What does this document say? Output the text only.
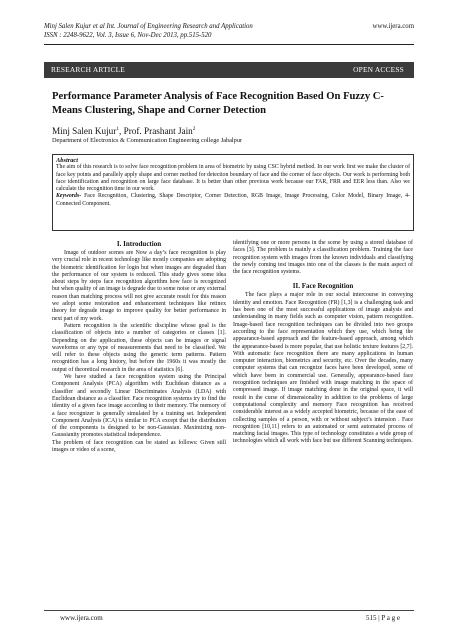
Minj Salen Kujur et al Int. Journal of Engineering Research and Application
ISSN : 2248-9622, Vol. 3, Issue 6, Nov-Dec 2013, pp.515-520
www.ijera.com
RESEARCH ARTICLE	OPEN ACCESS
Performance Parameter Analysis of Face Recognition Based On Fuzzy C-Means Clustering, Shape and Corner Detection
Minj Salen Kujur$^1$, Prof. Prashant Jain$^2$
Department of Electronics & Communication Engineering college Jabalpur
Abstract
The aim of this research is to solve face recognition problem in area of biometric by using CSC hybrid method. In our work first we make the cluster of face key points and parallely apply shape and corner method for detection boundary of face and the corner of face objects. Our work is performing both face identification and recognition on large face database. It is better than other previous work because our FAR, FRR and EER less than. Also we calculate the recognition time in our work.
Keywords- Face Recognition, Clustering, Shape Descriptor, Corner Detection, RGB Image, Image Processing, Color Model, Binary Image, 4-Connected Component.
I. Introduction

Image of outdoor scenes are Now a day’s face recognition is play very crucial role in recent technology like mostly companies are adopting the biometric identification for login but when images are degraded than the performance of our system is reduced. This study gives some idea about steps by steps face recognition algorithm how face is recognized but when quality of an image is degrade due to some noise or any external reason than matching process will not give accurate result for this reason we adopt some restoration and enhancement techniques like retinex theory for degrade image to improve quality for better performance in next part of my work.

Pattern recognition is the scientific discipline whose goal is the classification of objects into a number of categories or classes [1]. Depending on the application, these objects can be images or signal waveforms or any type of measurements that need to be classified. We will refer to these objects using the generic term patterns. Pattern recognition has a long history, but before the 1960s it was mostly the output of theoretical research in the area of statistics [6].

We have studied a face recognition system using the Principal Component Analysis (PCA) algorithm with Euclidean distance as a classifier and secondly Linear Discriminates Analysis (LDA) with Euclidean distance as a classifier. Face recognition systems try to find the identity of a given face image according to their memory. The memory of a face recognizer is generally simulated by a training set. Independent Component Analysis (ICA) is similar to PCA except that the distribution of the components is designed to be non-Gaussian. Maximizing non-Gaussianity promotes statistical independence.

The problem of face recognition can be stated as follows: Given still images or video of a scene,

identifying one or more persons in the scene by using a stored database of faces [3]. The problem is mainly a classification problem. Training the face recognition system with images from the known individuals and classifying the newly coming test images into one of the classes is the main aspect of the face recognition systems.

II. Face Recognition

The face plays a major role in our social intercourse in conveying identity and emotion. Face Recognition (FR) [1,3] is a challenging task and has been one of the most successful applications of image analysis and understanding in many fields such as computer vision, pattern recognition. Image-based face recognition techniques can be divided into two groups according to the face representation which they use, which being the appearance-based approach and the feature-based approach, among which the appearance-based is more popular, that use holistic texture features [2,7]. With automatic face recognition there are many applications in human computer interaction, biometrics and security, etc. Over the decades, many computer systems that can recognize faces have been developed, some of which have been in commercial use. Generally, appearance-based face recognition techniques are finished with image matching in the space of compressed image. If image matching done in the original space, it will result in the curse of dimensionality in addition to the problems of large computational complexity and memory Face recognition has received considerable interest as a widely accepted biometric, because of the ease of collecting samples of a person, with or without subject’s intension . Face recognition [10,11] refers to an automated or semi automated process of matching facial images. This type of technology constitutes a wide group of technologies which all work with face but use different Scanning techniques.

www.ijera.com	515 | P a g e
